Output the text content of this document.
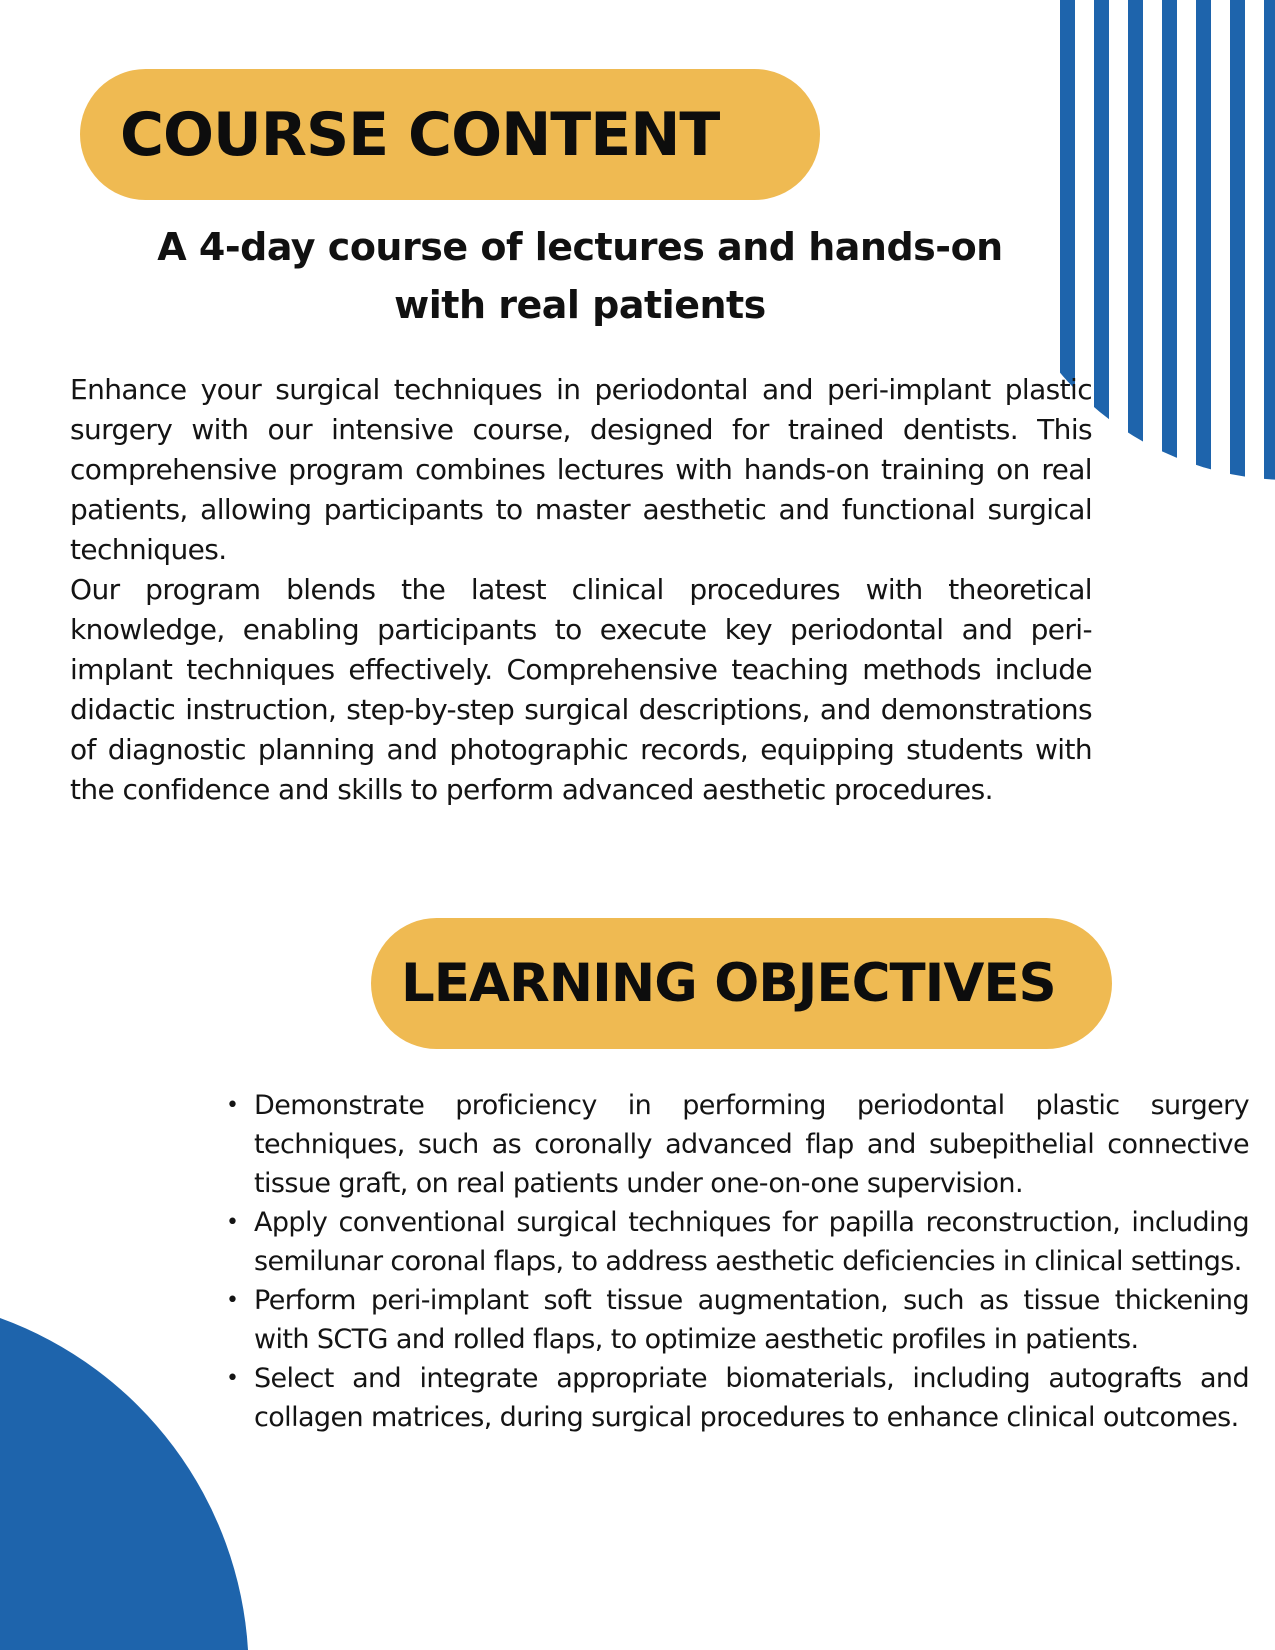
COURSE CONTENT
A 4-day course of lectures and hands-on
with real patients

Enhance your surgical techniques in periodontal and peri-implant plastic surgery with our intensive course, designed for trained dentists. This comprehensive program combines lectures with hands-on training on real patients, allowing participants to master aesthetic and functional surgical techniques.

Our program blends the latest clinical procedures with theoretical knowledge, enabling participants to execute key periodontal and peri-implant techniques effectively. Comprehensive teaching methods include didactic instruction, step-by-step surgical descriptions, and demonstrations of diagnostic planning and photographic records, equipping students with the confidence and skills to perform advanced aesthetic procedures.

LEARNING OBJECTIVES
• Demonstrate proficiency in performing periodontal plastic surgery techniques, such as coronally advanced flap and subepithelial connective tissue graft, on real patients under one-on-one supervision.
• Apply conventional surgical techniques for papilla reconstruction, including semilunar coronal flaps, to address aesthetic deficiencies in clinical settings.
• Perform peri-implant soft tissue augmentation, such as tissue thickening with SCTG and rolled flaps, to optimize aesthetic profiles in patients.
• Select and integrate appropriate biomaterials, including autografts and collagen matrices, during surgical procedures to enhance clinical outcomes.
